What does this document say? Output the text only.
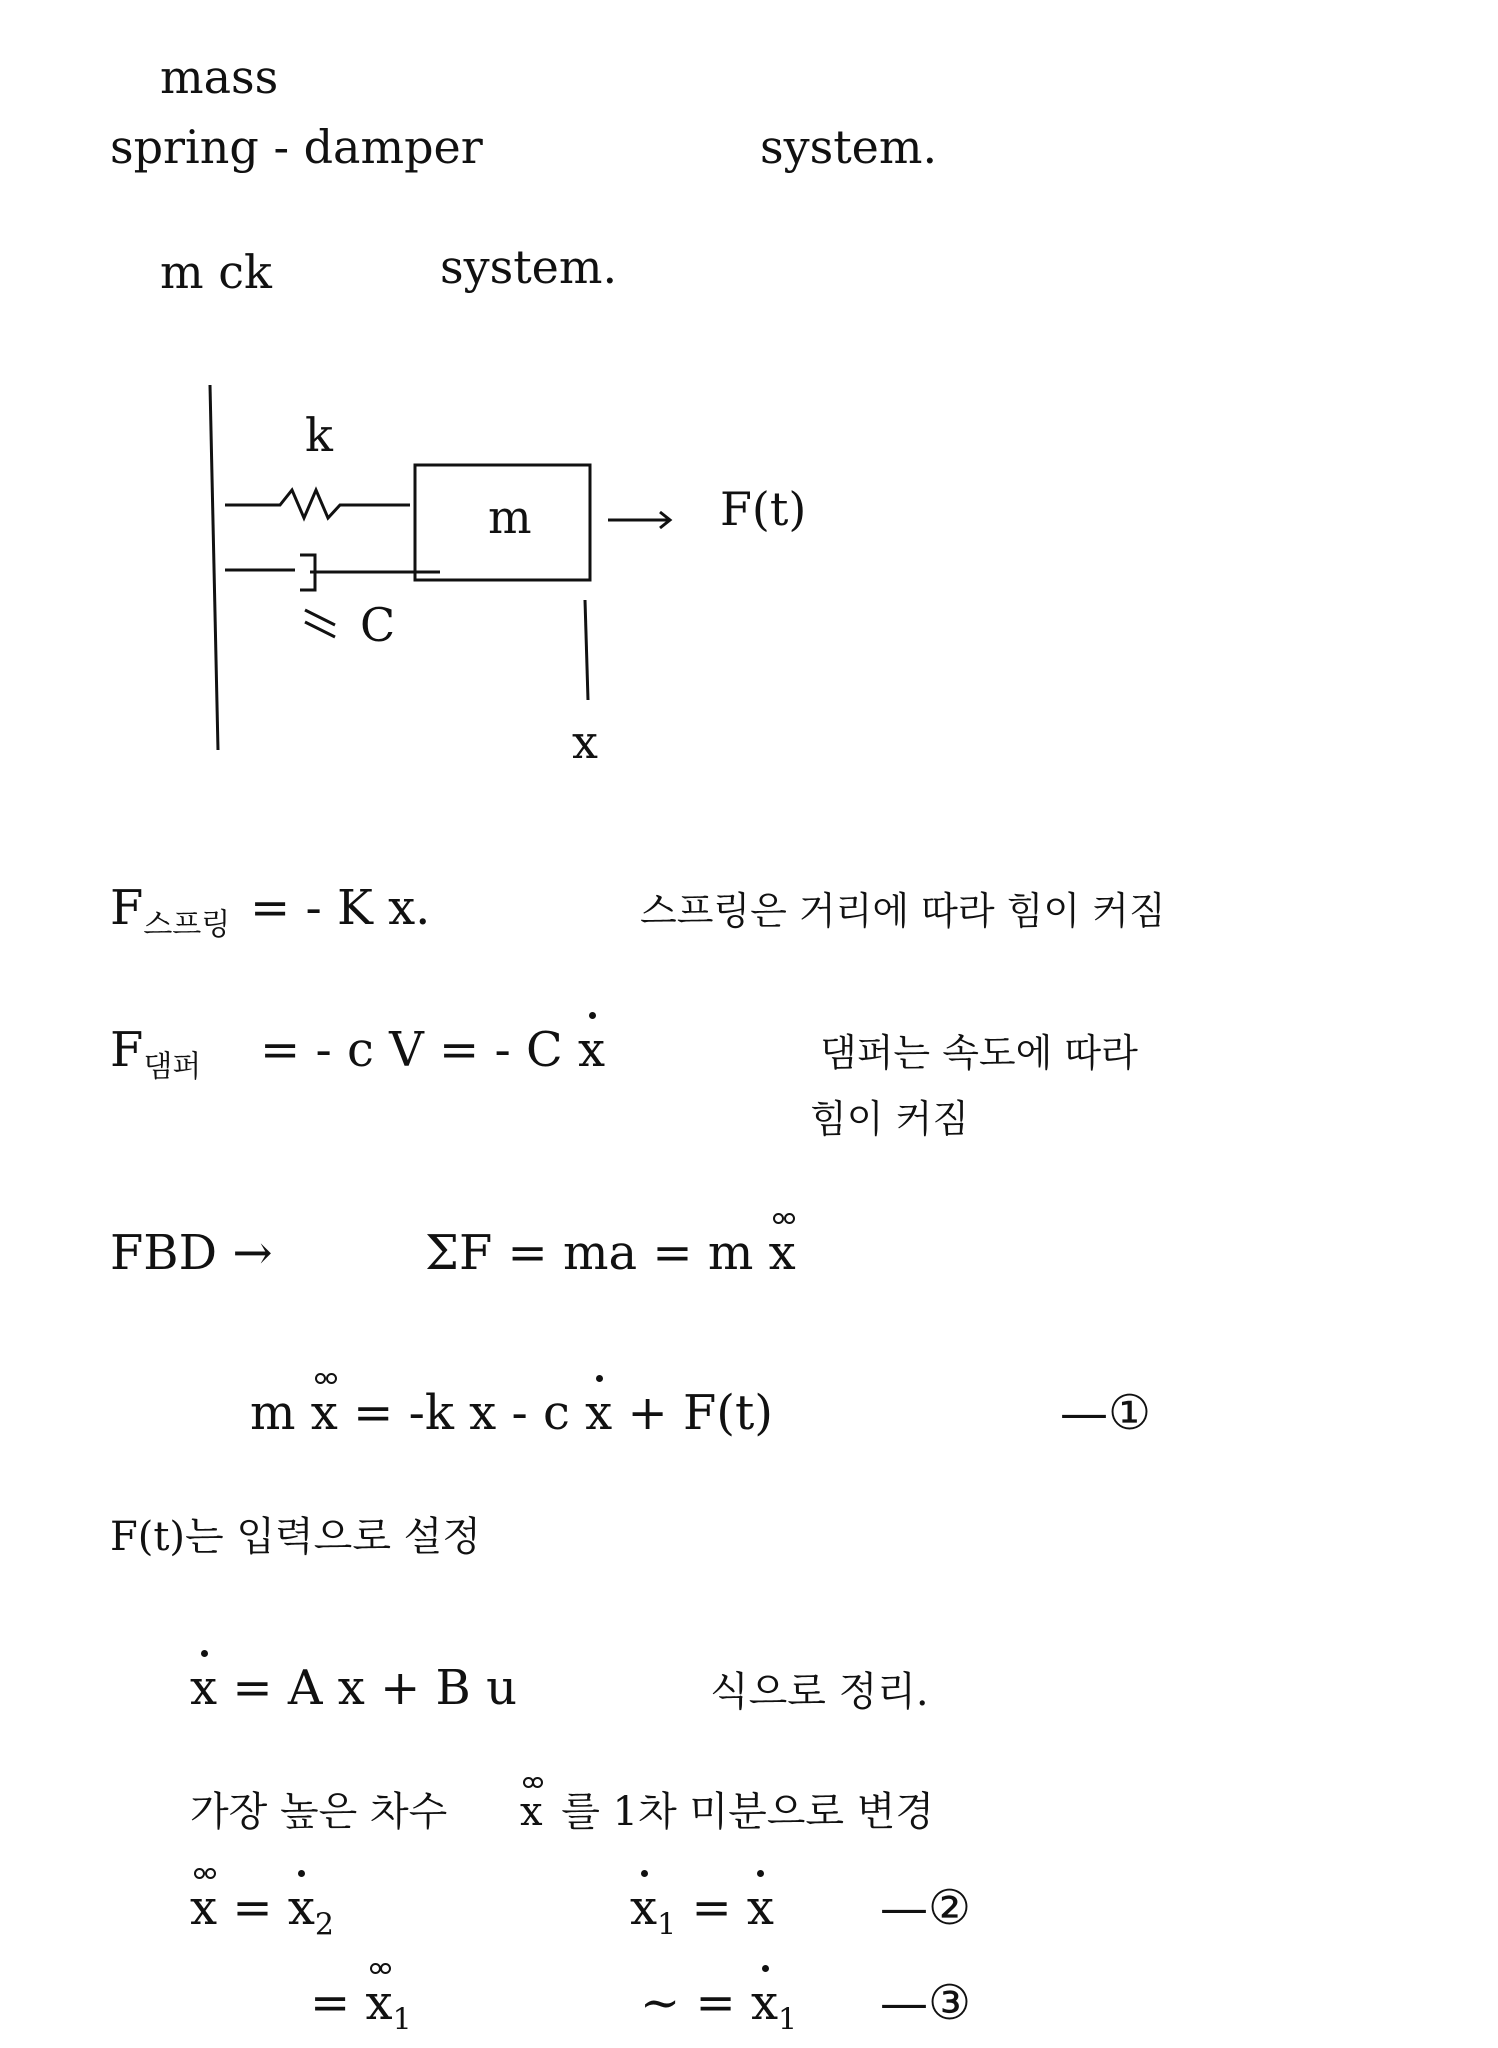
mass
spring - damper	system.
m ck	system.
k
m	F(t)
C
x
$F_{스프링}$ = - K x.	스프링은 거리에 따라 힘이 커짐
$F_{댐퍼}$ = - c V = - C x	댐퍼는 속도에 따라
힘이 커짐
FBD →	ΣF = ma = m x
m x = -k x - c x + F(t)	—①
F(t)는 입력으로 설정
x = A x + B u	식으로 정리.
가장 높은 차수 x 를 1차 미분으로 변경
$x = x_2$	$x_1 = x$ —②
= $x_1$	~ = $x_1$ —③
